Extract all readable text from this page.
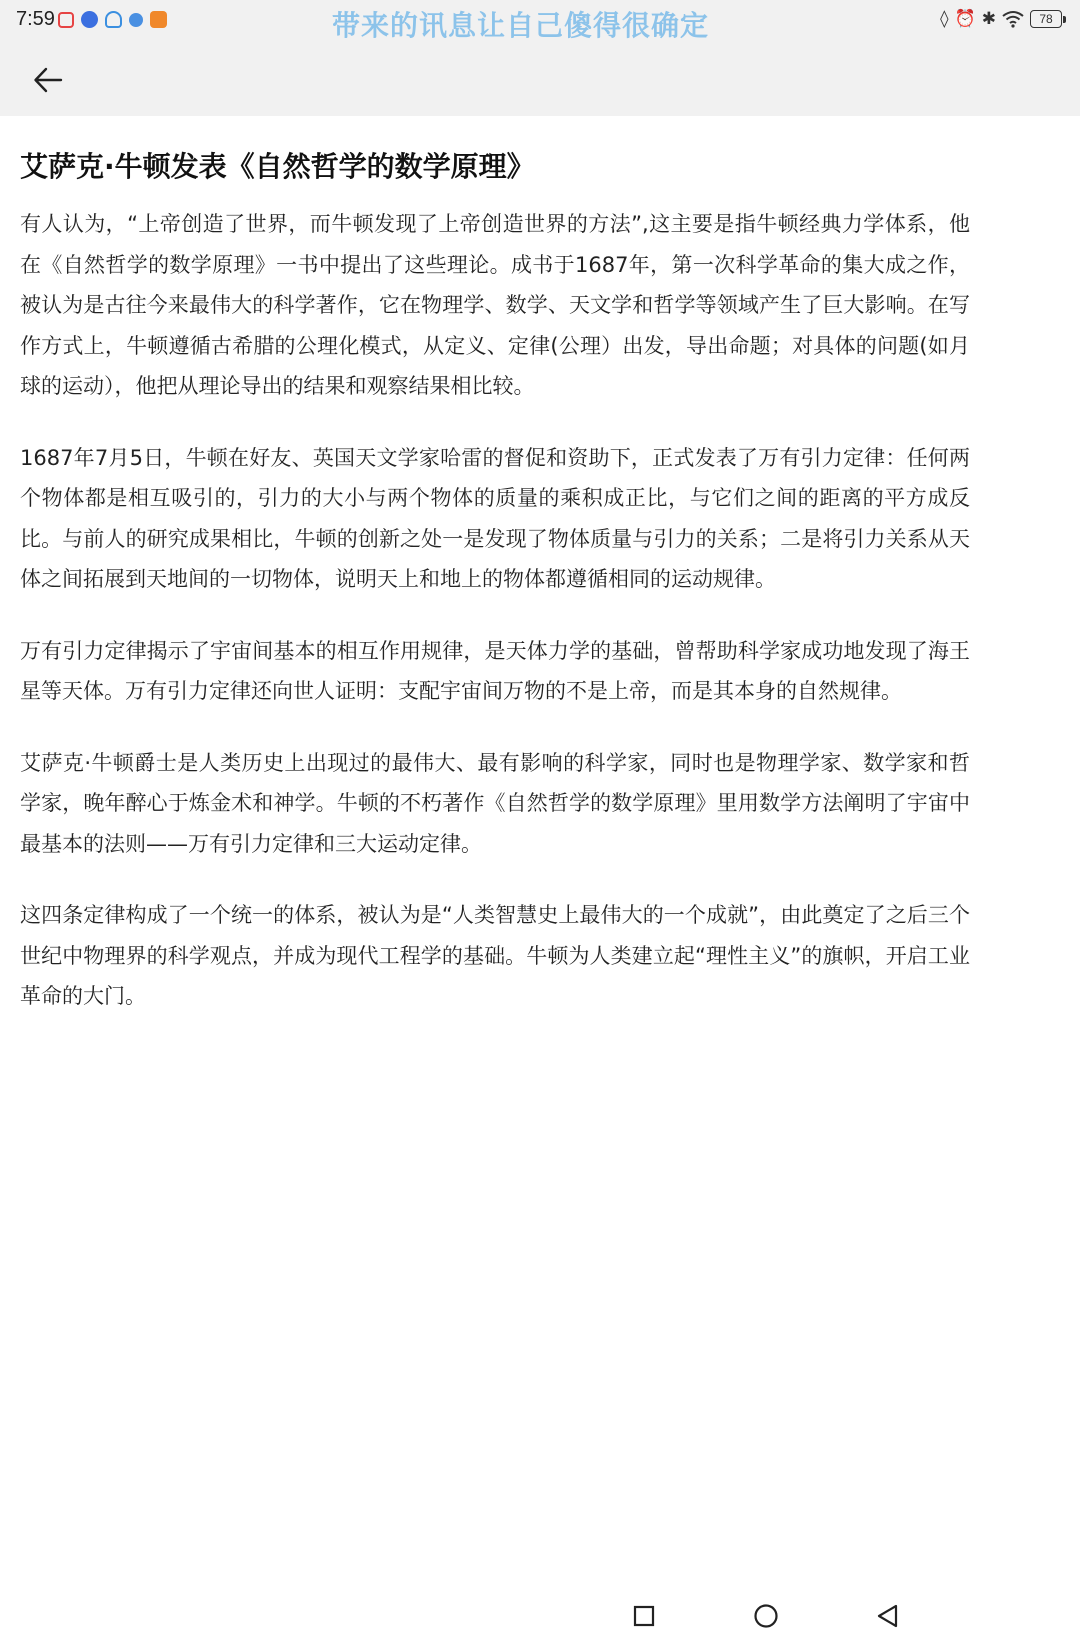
7:59	带来的讯息让自己傻得很确定	◊ ⏰ ✱	78
艾萨克·牛顿发表《自然哲学的数学原理》

有人认为，“上帝创造了世界，而牛顿发现了上帝创造世界的方法”,这主要是指牛顿经典力学体系，他在《自然哲学的数学原理》一书中提出了这些理论。成书于1687年，第一次科学革命的集大成之作，被认为是古往今来最伟大的科学著作，它在物理学、数学、天文学和哲学等领域产生了巨大影响。在写作方式上，牛顿遵循古希腊的公理化模式，从定义、定律(公理）出发，导出命题；对具体的问题(如月球的运动），他把从理论导出的结果和观察结果相比较。

1687年7月5日，牛顿在好友、英国天文学家哈雷的督促和资助下，正式发表了万有引力定律：任何两个物体都是相互吸引的，引力的大小与两个物体的质量的乘积成正比，与它们之间的距离的平方成反比。与前人的研究成果相比，牛顿的创新之处一是发现了物体质量与引力的关系；二是将引力关系从天体之间拓展到天地间的一切物体，说明天上和地上的物体都遵循相同的运动规律。

万有引力定律揭示了宇宙间基本的相互作用规律，是天体力学的基础，曾帮助科学家成功地发现了海王星等天体。万有引力定律还向世人证明：支配宇宙间万物的不是上帝，而是其本身的自然规律。

艾萨克·牛顿爵士是人类历史上出现过的最伟大、最有影响的科学家，同时也是物理学家、数学家和哲学家，晚年醉心于炼金术和神学。牛顿的不朽著作《自然哲学的数学原理》里用数学方法阐明了宇宙中最基本的法则——万有引力定律和三大运动定律。

这四条定律构成了一个统一的体系，被认为是“人类智慧史上最伟大的一个成就”，由此奠定了之后三个世纪中物理界的科学观点，并成为现代工程学的基础。牛顿为人类建立起“理性主义”的旗帜，开启工业革命的大门。
